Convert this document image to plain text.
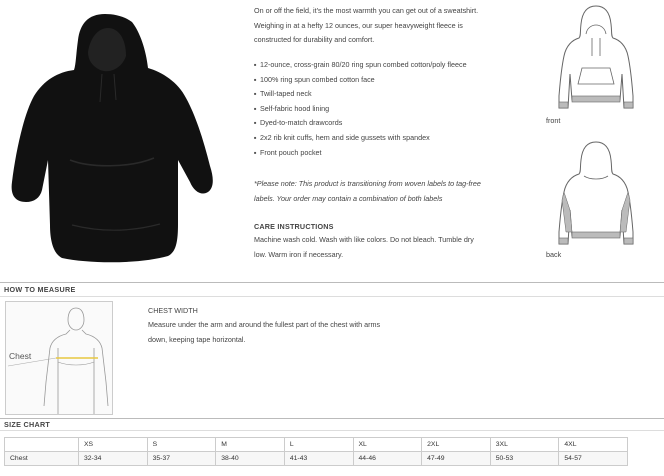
On or off the field, it's the most warmth you can get out of a sweatshirt. Weighing in at a hefty 12 ounces, our super heavyweight fleece is constructed for durability and comfort.
■ 12-ounce, cross-grain 80/20 ring spun combed cotton/poly fleece
■ 100% ring spun combed cotton face
■ Twill-taped neck
■ Self-fabric hood lining
■ Dyed-to-match drawcords
■ 2x2 rib knit cuffs, hem and side gussets with spandex
■ Front pouch pocket
*Please note: This product is transitioning from woven labels to tag-free labels. Your order may contain a combination of both labels
CARE INSTRUCTIONS
Machine wash cold. Wash with like colors. Do not bleach. Tumble dry low. Warm iron if necessary.
front
back
HOW TO MEASURE
Chest
CHEST WIDTH
Measure under the arm and around the fullest part of the chest with arms down, keeping tape horizontal.
SIZE CHART
	XS	S	M	L	XL	2XL	3XL	4XL
Chest	32-34	35-37	38-40	41-43	44-46	47-49	50-53	54-57
